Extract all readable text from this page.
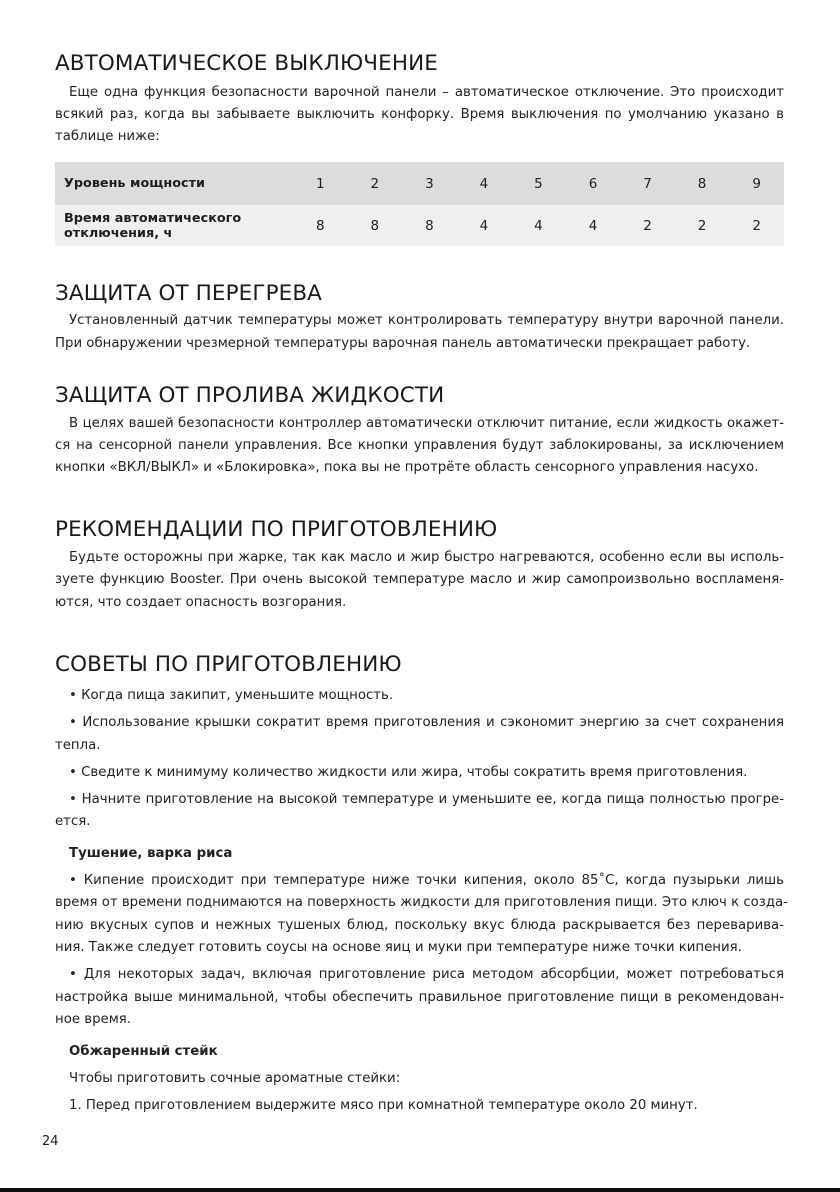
АВТОМАТИЧЕСКОЕ ВЫКЛЮЧЕНИЕ
Еще одна функция безопасности варочной панели – автоматическое отключение. Это происходит
всякий раз, когда вы забываете выключить конфорку. Время выключения по умолчанию указано в
таблице ниже:
Уровень мощности	1	2	3	4	5	6	7	8	9
Время автоматического
отключения, ч	8	8	8	4	4	4	2	2	2
ЗАЩИТА ОТ ПЕРЕГРЕВА
Установленный датчик температуры может контролировать температуру внутри варочной панели.
При обнаружении чрезмерной температуры варочная панель автоматически прекращает работу.
ЗАЩИТА ОТ ПРОЛИВА ЖИДКОСТИ
В целях вашей безопасности контроллер автоматически отключит питание, если жидкость окажет-
ся на сенсорной панели управления. Все кнопки управления будут заблокированы, за исключением
кнопки «ВКЛ/ВЫКЛ» и «Блокировка», пока вы не протрёте область сенсорного управления насухо.
РЕКОМЕНДАЦИИ ПО ПРИГОТОВЛЕНИЮ
Будьте осторожны при жарке, так как масло и жир быстро нагреваются, особенно если вы исполь-
зуете функцию Booster. При очень высокой температуре масло и жир самопроизвольно воспламеня-
ются, что создает опасность возгорания.
СОВЕТЫ ПО ПРИГОТОВЛЕНИЮ
• Когда пища закипит, уменьшите мощность.
• Использование крышки сократит время приготовления и сэкономит энергию за счет сохранения
тепла.
• Сведите к минимуму количество жидкости или жира, чтобы сократить время приготовления.
• Начните приготовление на высокой температуре и уменьшите ее, когда пища полностью прогре-
ется.
Тушение, варка риса
• Кипение происходит при температуре ниже точки кипения, около 85˚С, когда пузырьки лишь
время от времени поднимаются на поверхность жидкости для приготовления пищи. Это ключ к созда-
нию вкусных супов и нежных тушеных блюд, поскольку вкус блюда раскрывается без переварива-
ния. Также следует готовить соусы на основе яиц и муки при температуре ниже точки кипения.
• Для некоторых задач, включая приготовление риса методом абсорбции, может потребоваться
настройка выше минимальной, чтобы обеспечить правильное приготовление пищи в рекомендован-
ное время.
Обжаренный стейк
Чтобы приготовить сочные ароматные стейки:
1. Перед приготовлением выдержите мясо при комнатной температуре около 20 минут.
24
